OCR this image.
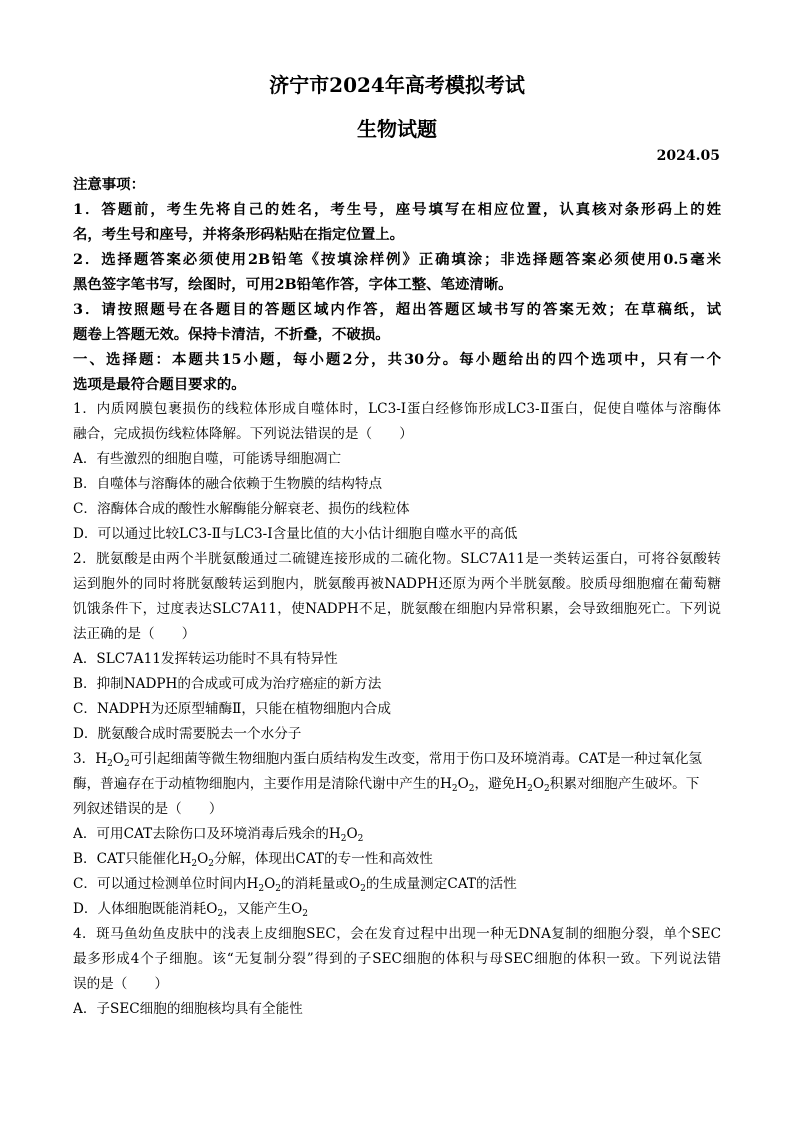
济宁市2024年高考模拟考试
生物试题
2024.05
注意事项：
1．答题前，考生先将自己的姓名，考生号，座号填写在相应位置，认真核对条形码上的姓
名，考生号和座号，并将条形码粘贴在指定位置上。
2．选择题答案必须使用2B铅笔《按填涂样例》正确填涂；非选择题答案必须使用0.5毫米
黑色签字笔书写，绘图时，可用2B铅笔作答，字体工整、笔迹清晰。
3．请按照题号在各题目的答题区域内作答，超出答题区域书写的答案无效；在草稿纸，试
题卷上答题无效。保持卡清洁，不折叠，不破损。
一、选择题：本题共15小题，每小题2分，共30分。每小题给出的四个选项中，只有一个
选项是最符合题目要求的。
1．内质网膜包裹损伤的线粒体形成自噬体时，LC3-I蛋白经修饰形成LC3-Ⅱ蛋白，促使自噬体与溶酶体
融合，完成损伤线粒体降解。下列说法错误的是（　　）
A．有些激烈的细胞自噬，可能诱导细胞凋亡
B．自噬体与溶酶体的融合依赖于生物膜的结构特点
C．溶酶体合成的酸性水解酶能分解衰老、损伤的线粒体
D．可以通过比较LC3-Ⅱ与LC3-I含量比值的大小估计细胞自噬水平的高低
2．胱氨酸是由两个半胱氨酸通过二硫键连接形成的二硫化物。SLC7A11是一类转运蛋白，可将谷氨酸转
运到胞外的同时将胱氨酸转运到胞内，胱氨酸再被NADPH还原为两个半胱氨酸。胶质母细胞瘤在葡萄糖
饥饿条件下，过度表达SLC7A11，使NADPH不足，胱氨酸在细胞内异常积累，会导致细胞死亡。下列说
法正确的是（　　）
A．SLC7A11发挥转运功能时不具有特异性
B．抑制NADPH的合成或可成为治疗癌症的新方法
C．NADPH为还原型辅酶Ⅱ，只能在植物细胞内合成
D．胱氨酸合成时需要脱去一个水分子
3．$H_2O_2$可引起细菌等微生物细胞内蛋白质结构发生改变，常用于伤口及环境消毒。CAT是一种过氧化氢
酶，普遍存在于动植物细胞内，主要作用是清除代谢中产生的$H_2O_2$，避免$H_2O_2$积累对细胞产生破坏。下
列叙述错误的是（　　）
A．可用CAT去除伤口及环境消毒后残余的$H_2O_2$
B．CAT只能催化$H_2O_2$分解，体现出CAT的专一性和高效性
C．可以通过检测单位时间内$H_2O_2$的消耗量或$O_2$的生成量测定CAT的活性
D．人体细胞既能消耗$O_2$，又能产生$O_2$
4．斑马鱼幼鱼皮肤中的浅表上皮细胞SEC，会在发育过程中出现一种无DNA复制的细胞分裂，单个SEC
最多形成4个子细胞。该“无复制分裂”得到的子SEC细胞的体积与母SEC细胞的体积一致。下列说法错
误的是（　　）
A．子SEC细胞的细胞核均具有全能性
